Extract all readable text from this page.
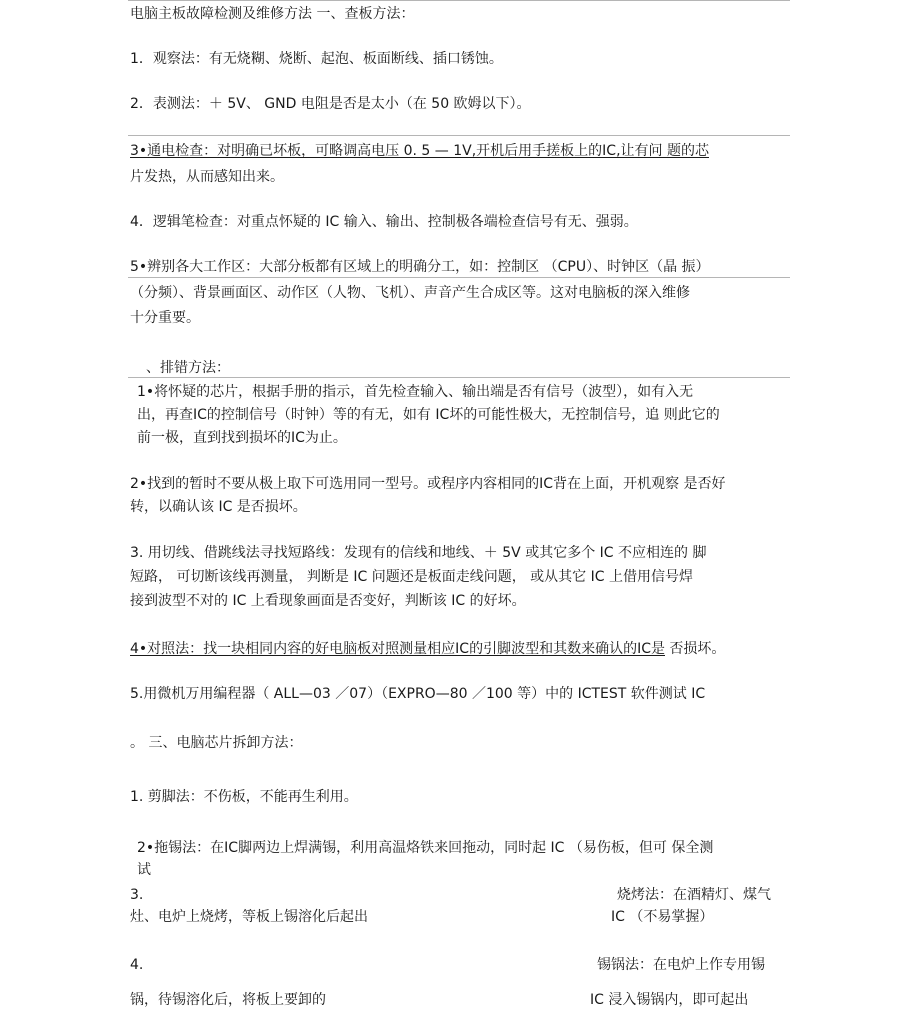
电脑主板故障检测及维修方法 一、查板方法：
1．观察法：有无烧糊、烧断、起泡、板面断线、插口锈蚀。
2．表测法：＋ 5V、 GND 电阻是否是太小（在 50 欧姆以下）。
3•通电检查：对明确已坏板，可略调高电压 0. 5 — 1V,开机后用手搓板上的IC,让有问 题的芯
片发热，从而感知出来。
4．逻辑笔检查：对重点怀疑的 IC 输入、输出、控制极各端检查信号有无、强弱。
5•辨别各大工作区：大部分板都有区域上的明确分工，如：控制区 （CPU）、时钟区（晶 振）
（分频）、背景画面区、动作区（人物、飞机）、声音产生合成区等。这对电脑板的深入维修
十分重要。
、排错方法：
1•将怀疑的芯片，根据手册的指示，首先检查输入、输出端是否有信号（波型），如有入无
出，再查IC的控制信号（时钟）等的有无，如有 IC坏的可能性极大，无控制信号，追 则此它的
前一极，直到找到损坏的IC为止。
2•找到的暂时不要从极上取下可选用同一型号。或程序内容相同的IC背在上面，开机观察 是否好
转，以确认该 IC 是否损坏。
3. 用切线、借跳线法寻找短路线：发现有的信线和地线、＋ 5V 或其它多个 IC 不应相连的 脚
短路， 可切断该线再测量， 判断是 IC 问题还是板面走线问题， 或从其它 IC 上借用信号焊
接到波型不对的 IC 上看现象画面是否变好，判断该 IC 的好坏。
4•对照法：找一块相同内容的好电脑板对照测量相应IC的引脚波型和其数来确认的IC是 否损坏。
5.用微机万用编程器（ ALL—03 ／07）（EXPRO—80 ／100 等）中的 ICTEST 软件测试 IC
。 三、电脑芯片拆卸方法：
1. 剪脚法：不伤板，不能再生利用。
2•拖锡法：在IC脚两边上焊满锡，利用高温烙铁来回拖动，同时起 IC （易伤板，但可 保全测
试
3.	烧烤法：在酒精灯、煤气
灶、电炉上烧烤，等板上锡溶化后起出	IC （不易掌握）
4.	锡锅法：在电炉上作专用锡
锅，待锡溶化后，将板上要卸的	IC 浸入锡锅内，即可起出
